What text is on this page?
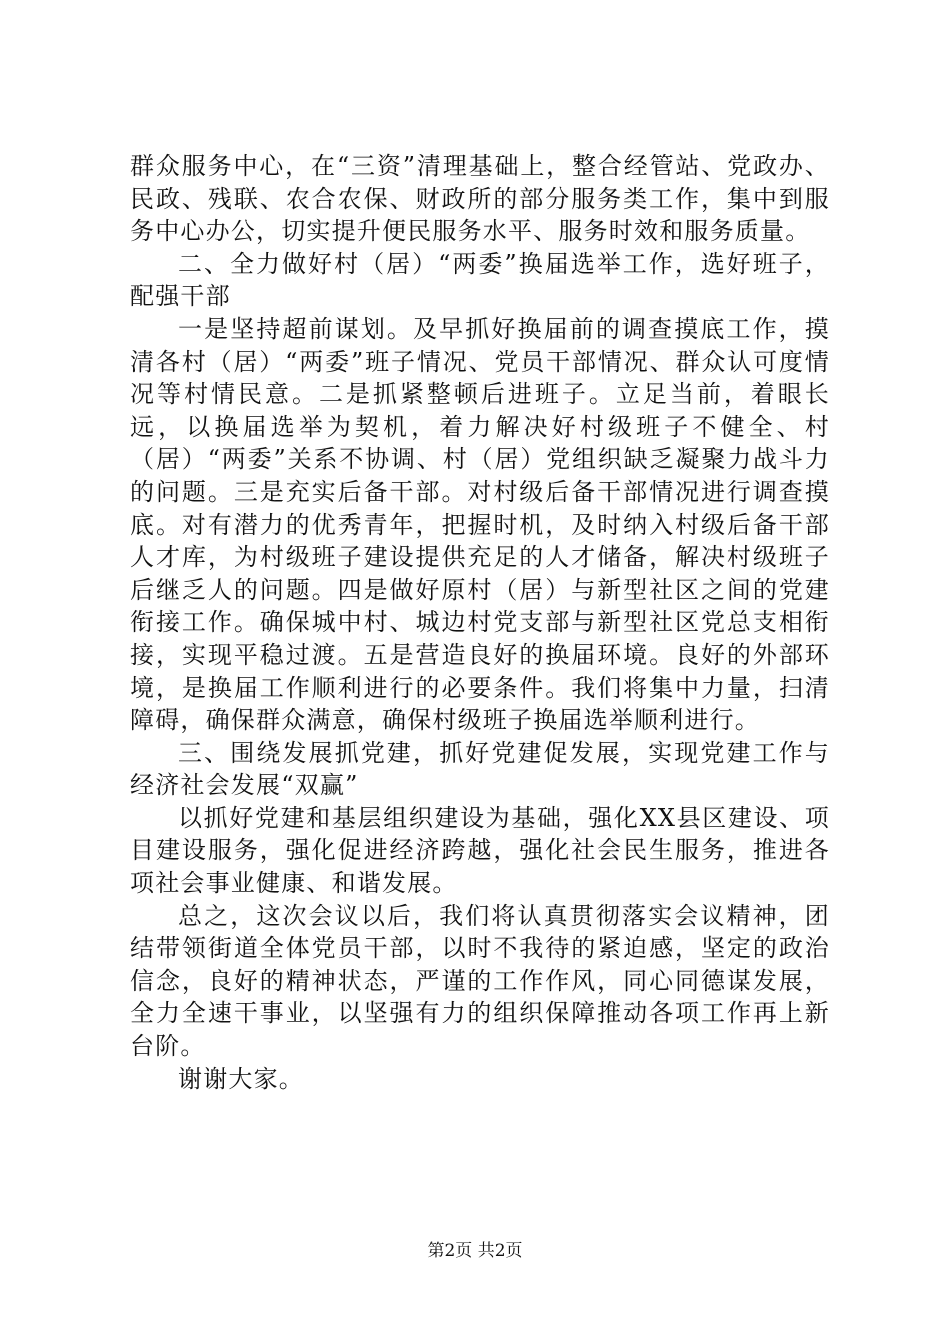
群众服务中心，在“三资”清理基础上，整合经管站、党政办、民政、残联、农合农保、财政所的部分服务类工作，集中到服务中心办公，切实提升便民服务水平、服务时效和服务质量。

二、全力做好村（居）“两委”换届选举工作，选好班子，配强干部

一是坚持超前谋划。及早抓好换届前的调查摸底工作，摸清各村（居）“两委”班子情况、党员干部情况、群众认可度情况等村情民意。二是抓紧整顿后进班子。立足当前，着眼长远，以换届选举为契机，着力解决好村级班子不健全、村（居）“两委”关系不协调、村（居）党组织缺乏凝聚力战斗力的问题。三是充实后备干部。对村级后备干部情况进行调查摸底。对有潜力的优秀青年，把握时机，及时纳入村级后备干部人才库，为村级班子建设提供充足的人才储备，解决村级班子后继乏人的问题。四是做好原村（居）与新型社区之间的党建衔接工作。确保城中村、城边村党支部与新型社区党总支相衔接，实现平稳过渡。五是营造良好的换届环境。良好的外部环境，是换届工作顺利进行的必要条件。我们将集中力量，扫清障碍，确保群众满意，确保村级班子换届选举顺利进行。

三、围绕发展抓党建，抓好党建促发展，实现党建工作与经济社会发展“双赢”

以抓好党建和基层组织建设为基础，强化XX县区建设、项目建设服务，强化促进经济跨越，强化社会民生服务，推进各项社会事业健康、和谐发展。

总之，这次会议以后，我们将认真贯彻落实会议精神，团结带领街道全体党员干部，以时不我待的紧迫感，坚定的政治信念，良好的精神状态，严谨的工作作风，同心同德谋发展，全力全速干事业，以坚强有力的组织保障推动各项工作再上新台阶。

谢谢大家。

第2页 共2页
